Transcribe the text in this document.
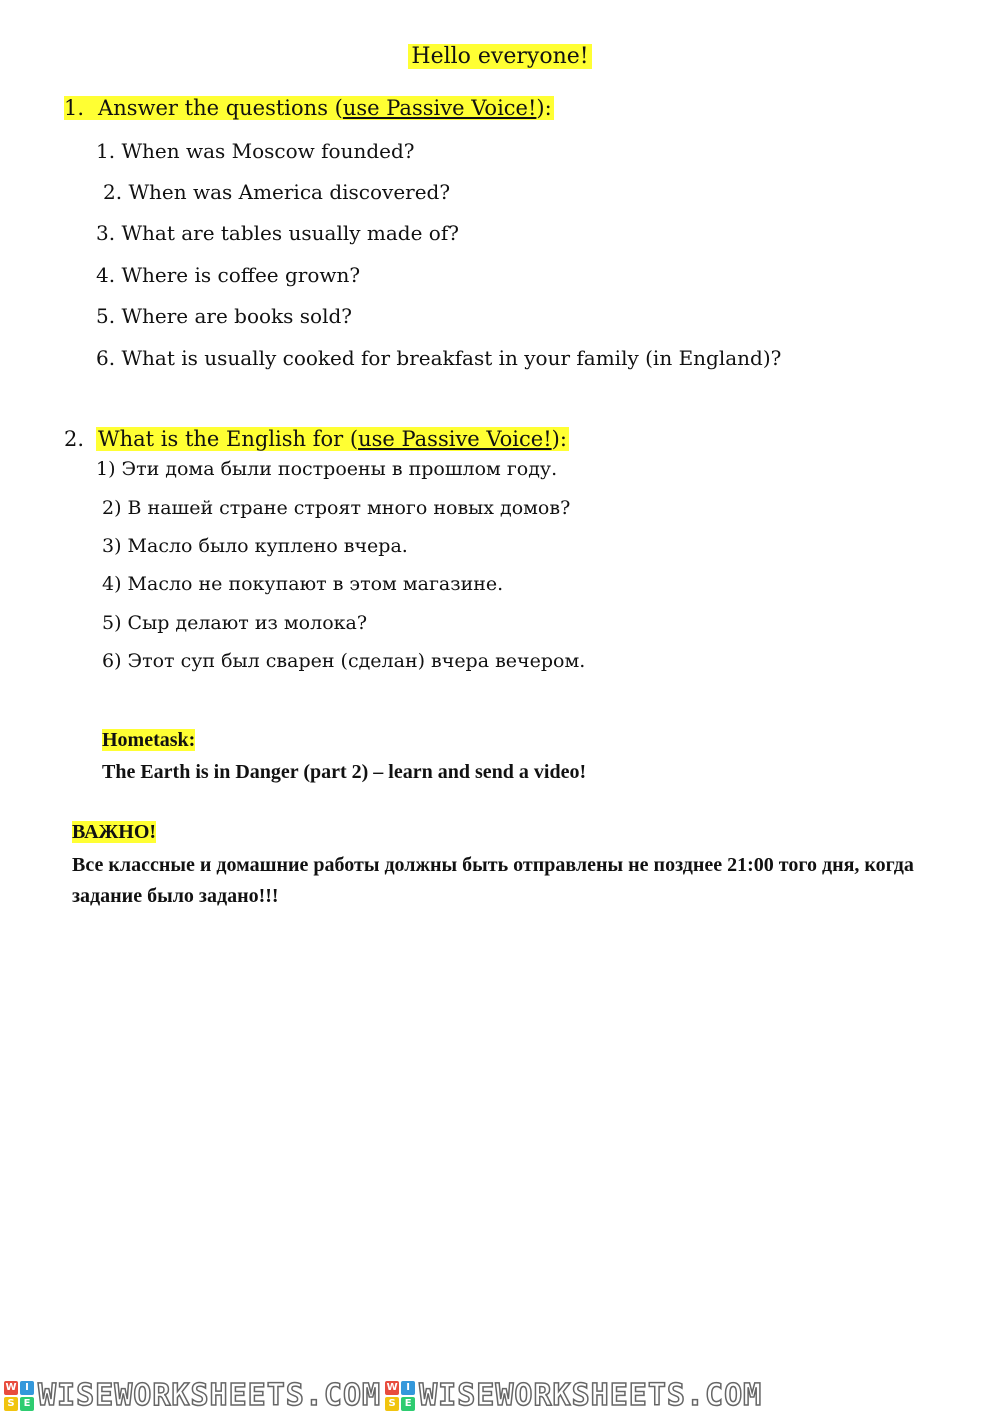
Hello everyone!
1. Answer the questions (use Passive Voice!):
1. When was Moscow founded?
2. When was America discovered?
3. What are tables usually made of?
4. Where is coffee grown?
5. Where are books sold?
6. What is usually cooked for breakfast in your family (in England)?
2. What is the English for (use Passive Voice!):
1) Эти дома были построены в прошлом году.
2) В нашей стране строят много новых домов?
3) Масло было куплено вчера.
4) Масло не покупают в этом магазине.
5) Сыр делают из молока?
6) Этот суп был сварен (сделан) вчера вечером.
Hometask:
The Earth is in Danger (part 2) – learn and send a video!
ВАЖНО!
Все классные и домашние работы должны быть отправлены не позднее 21:00 того дня, когда задание было задано!!!
W I
S E WISEWORKSHEETS.COM W I
S E WISEWORKSHEETS.COM
